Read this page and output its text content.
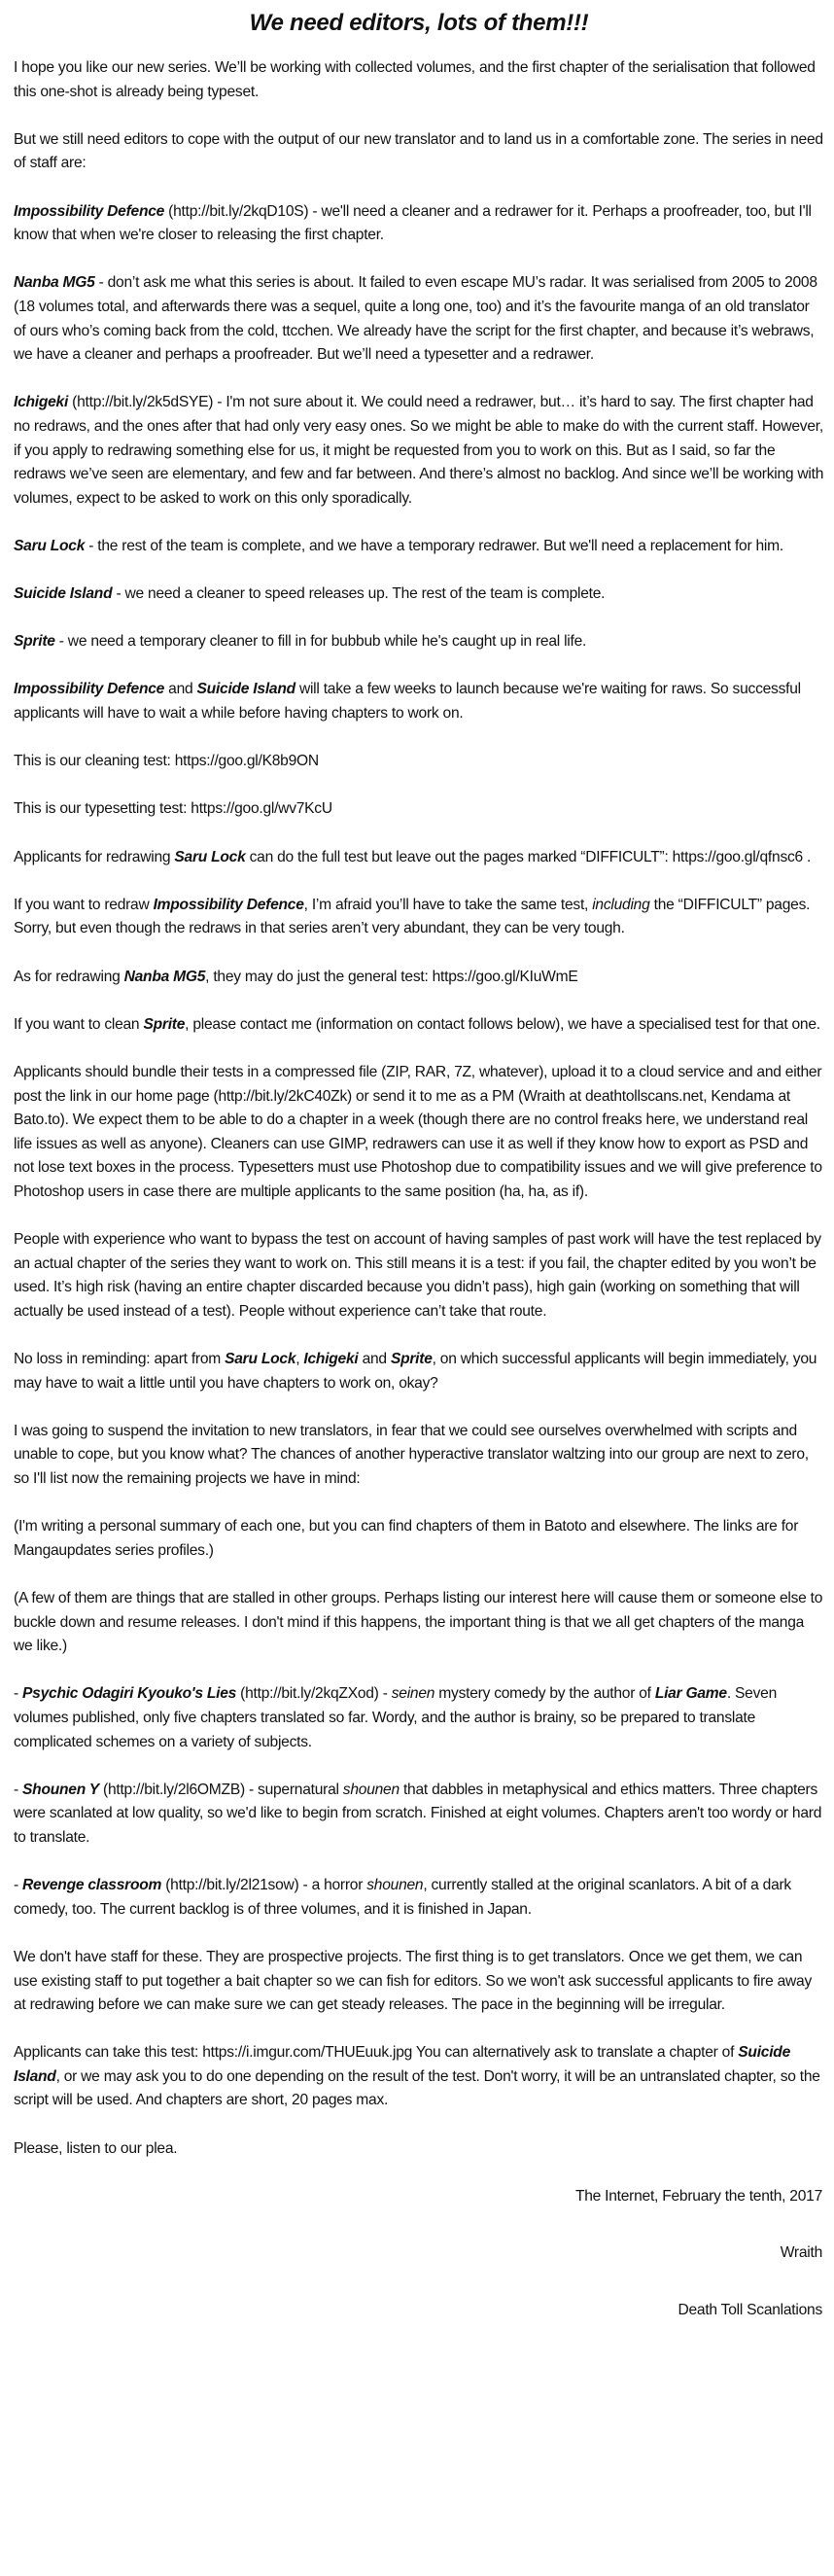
We need editors, lots of them!!!

I hope you like our new series. We’ll be working with collected volumes, and the first chapter of the serialisation that followed this one-shot is already being typeset.

But we still need editors to cope with the output of our new translator and to land us in a comfortable zone. The series in need of staff are:

Impossibility Defence (http://bit.ly/2kqD10S) - we'll need a cleaner and a redrawer for it. Perhaps a proofreader, too, but I'll know that when we're closer to releasing the first chapter.

Nanba MG5 - don’t ask me what this series is about. It failed to even escape MU’s radar. It was serialised from 2005 to 2008 (18 volumes total, and afterwards there was a sequel, quite a long one, too) and it’s the favourite manga of an old translator of ours who’s coming back from the cold, ttcchen. We already have the script for the first chapter, and because it’s webraws, we have a cleaner and perhaps a proofreader. But we’ll need a typesetter and a redrawer.

Ichigeki (http://bit.ly/2k5dSYE) - I'm not sure about it. We could need a redrawer, but… it’s hard to say. The first chapter had no redraws, and the ones after that had only very easy ones. So we might be able to make do with the current staff. However, if you apply to redrawing something else for us, it might be requested from you to work on this. But as I said, so far the redraws we’ve seen are elementary, and few and far between. And there’s almost no backlog. And since we’ll be working with volumes, expect to be asked to work on this only sporadically.

Saru Lock - the rest of the team is complete, and we have a temporary redrawer. But we'll need a replacement for him.

Suicide Island - we need a cleaner to speed releases up. The rest of the team is complete.

Sprite - we need a temporary cleaner to fill in for bubbub while he's caught up in real life.

Impossibility Defence and Suicide Island will take a few weeks to launch because we're waiting for raws. So successful applicants will have to wait a while before having chapters to work on.

This is our cleaning test: https://goo.gl/K8b9ON

This is our typesetting test: https://goo.gl/wv7KcU

Applicants for redrawing Saru Lock can do the full test but leave out the pages marked “DIFFICULT”: https://goo.gl/qfnsc6 .

If you want to redraw Impossibility Defence, I’m afraid you’ll have to take the same test, including the “DIFFICULT” pages. Sorry, but even though the redraws in that series aren’t very abundant, they can be very tough.

As for redrawing Nanba MG5, they may do just the general test: https://goo.gl/KIuWmE

If you want to clean Sprite, please contact me (information on contact follows below), we have a specialised test for that one.

Applicants should bundle their tests in a compressed file (ZIP, RAR, 7Z, whatever), upload it to a cloud service and and either post the link in our home page (http://bit.ly/2kC40Zk) or send it to me as a PM (Wraith at deathtollscans.net, Kendama at Bato.to). We expect them to be able to do a chapter in a week (though there are no control freaks here, we understand real life issues as well as anyone). Cleaners can use GIMP, redrawers can use it as well if they know how to export as PSD and not lose text boxes in the process. Typesetters must use Photoshop due to compatibility issues and we will give preference to Photoshop users in case there are multiple applicants to the same position (ha, ha, as if).

People with experience who want to bypass the test on account of having samples of past work will have the test replaced by an actual chapter of the series they want to work on. This still means it is a test: if you fail, the chapter edited by you won’t be used. It’s high risk (having an entire chapter discarded because you didn’t pass), high gain (working on something that will actually be used instead of a test). People without experience can’t take that route.

No loss in reminding: apart from Saru Lock, Ichigeki and Sprite, on which successful applicants will begin immediately, you may have to wait a little until you have chapters to work on, okay?

I was going to suspend the invitation to new translators, in fear that we could see ourselves overwhelmed with scripts and unable to cope, but you know what? The chances of another hyperactive translator waltzing into our group are next to zero, so I'll list now the remaining projects we have in mind:

(I'm writing a personal summary of each one, but you can find chapters of them in Batoto and elsewhere. The links are for Mangaupdates series profiles.)

(A few of them are things that are stalled in other groups. Perhaps listing our interest here will cause them or someone else to buckle down and resume releases. I don't mind if this happens, the important thing is that we all get chapters of the manga we like.)

- Psychic Odagiri Kyouko's Lies (http://bit.ly/2kqZXod) - seinen mystery comedy by the author of Liar Game. Seven volumes published, only five chapters translated so far. Wordy, and the author is brainy, so be prepared to translate complicated schemes on a variety of subjects.

- Shounen Y (http://bit.ly/2l6OMZB) - supernatural shounen that dabbles in metaphysical and ethics matters. Three chapters were scanlated at low quality, so we'd like to begin from scratch. Finished at eight volumes. Chapters aren't too wordy or hard to translate.

- Revenge classroom (http://bit.ly/2l21sow) - a horror shounen, currently stalled at the original scanlators. A bit of a dark comedy, too. The current backlog is of three volumes, and it is finished in Japan.

We don't have staff for these. They are prospective projects. The first thing is to get translators. Once we get them, we can use existing staff to put together a bait chapter so we can fish for editors. So we won't ask successful applicants to fire away at redrawing before we can make sure we can get steady releases. The pace in the beginning will be irregular.

Applicants can take this test: https://i.imgur.com/THUEuuk.jpg You can alternatively ask to translate a chapter of Suicide Island, or we may ask you to do one depending on the result of the test. Don't worry, it will be an untranslated chapter, so the script will be used. And chapters are short, 20 pages max.

Please, listen to our plea.

The Internet, February the tenth, 2017

Wraith

Death Toll Scanlations
